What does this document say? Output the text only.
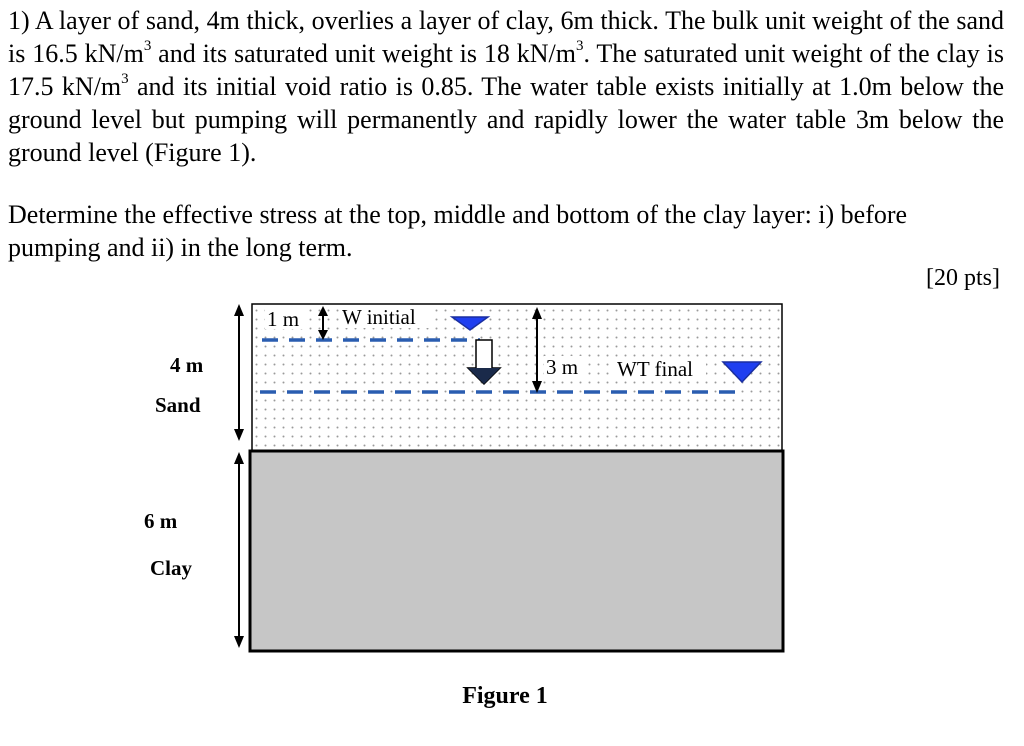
1) A layer of sand, 4m thick, overlies a layer of clay, 6m thick. The bulk unit weight of the sand is 16.5 $kN/m^3$ and its saturated unit weight is 18 $kN/m^3$. The saturated unit weight of the clay is 17.5 $kN/m^3$ and its initial void ratio is 0.85. The water table exists initially at 1.0m below the ground level but pumping will permanently and rapidly lower the water table 3m below the ground level (Figure 1).

Determine the effective stress at the top, middle and bottom of the clay layer: i) before pumping and ii) in the long term.

[20 pts]
4 m
Sand
6 m
Clay
1 m W initial
3 m WT final
Figure 1
